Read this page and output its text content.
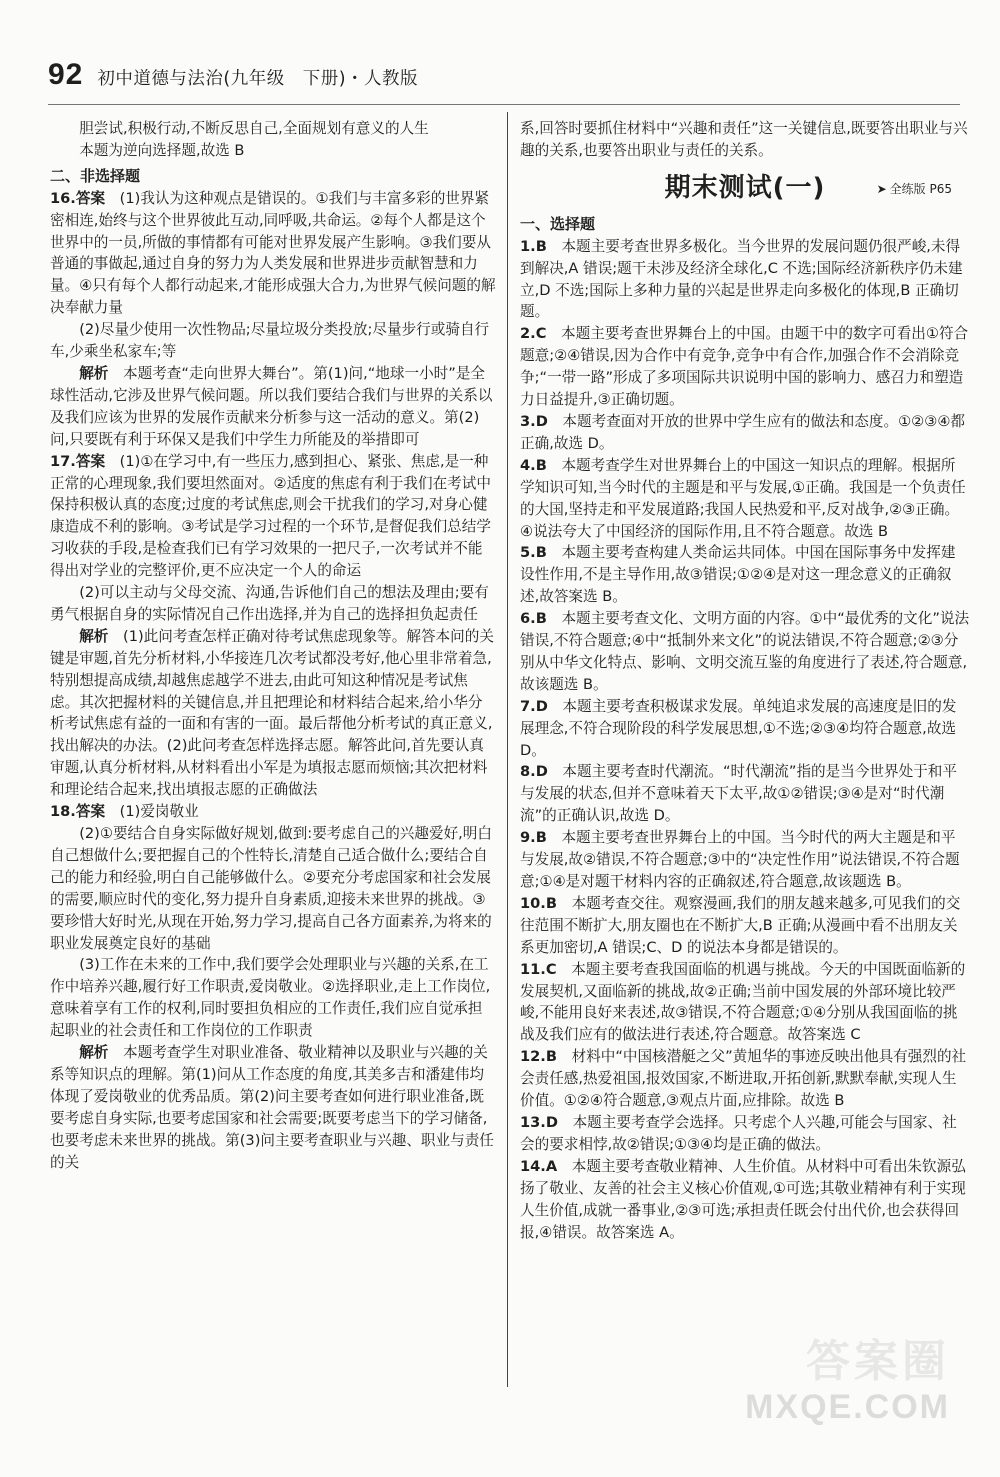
92 初中道德与法治(九年级　下册)・人教版

胆尝试,积极行动,不断反思自己,全面规划有意义的人生

本题为逆向选择题,故选 B

二、非选择题

16.答案　 (1)我认为这种观点是错误的。①我们与丰富多彩的世界紧密相连,始终与这个世界彼此互动,同呼吸,共命运。②每个人都是这个世界中的一员,所做的事情都有可能对世界发展产生影响。③我们要从普通的事做起,通过自身的努力为人类发展和世界进步贡献智慧和力量。④只有每个人都行动起来,才能形成强大合力,为世界气候问题的解决奉献力量

(2)尽量少使用一次性物品;尽量垃圾分类投放;尽量步行或骑自行车,少乘坐私家车;等

解析　 本题考查“走向世界大舞台”。第(1)问,“地球一小时”是全球性活动,它涉及世界气候问题。所以我们要结合我们与世界的关系以及我们应该为世界的发展作贡献来分析参与这一活动的意义。第(2)问,只要既有利于环保又是我们中学生力所能及的举措即可

17.答案　 (1)①在学习中,有一些压力,感到担心、紧张、焦虑,是一种正常的心理现象,我们要坦然面对。②适度的焦虑有利于我们在考试中保持积极认真的态度;过度的考试焦虑,则会干扰我们的学习,对身心健康造成不利的影响。③考试是学习过程的一个环节,是督促我们总结学习收获的手段,是检查我们已有学习效果的一把尺子,一次考试并不能得出对学业的完整评价,更不应决定一个人的命运

(2)可以主动与父母交流、沟通,告诉他们自己的想法及理由;要有勇气根据自身的实际情况自己作出选择,并为自己的选择担负起责任

解析　 (1)此问考查怎样正确对待考试焦虑现象等。解答本问的关键是审题,首先分析材料,小华接连几次考试都没考好,他心里非常着急,特别想提高成绩,却越焦虑越学不进去,由此可知这种情况是考试焦虑。其次把握材料的关键信息,并且把理论和材料结合起来,给小华分析考试焦虑有益的一面和有害的一面。最后帮他分析考试的真正意义,找出解决的办法。(2)此问考查怎样选择志愿。解答此问,首先要认真审题,认真分析材料,从材料看出小军是为填报志愿而烦恼;其次把材料和理论结合起来,找出填报志愿的正确做法

18.答案　 (1)爱岗敬业

(2)①要结合自身实际做好规划,做到:要考虑自己的兴趣爱好,明白自己想做什么;要把握自己的个性特长,清楚自己适合做什么;要结合自己的能力和经验,明白自己能够做什么。②要充分考虑国家和社会发展的需要,顺应时代的变化,努力提升自身素质,迎接未来世界的挑战。③要珍惜大好时光,从现在开始,努力学习,提高自己各方面素养,为将来的职业发展奠定良好的基础

(3)工作在未来的工作中,我们要学会处理职业与兴趣的关系,在工作中培养兴趣,履行好工作职责,爱岗敬业。②选择职业,走上工作岗位,意味着享有工作的权利,同时要担负相应的工作责任,我们应自觉承担起职业的社会责任和工作岗位的工作职责

解析　 本题考查学生对职业准备、敬业精神以及职业与兴趣的关系等知识点的理解。第(1)问从工作态度的角度,其美多吉和潘建伟均体现了爱岗敬业的优秀品质。第(2)问主要考查如何进行职业准备,既要考虑自身实际,也要考虑国家和社会需要;既要考虑当下的学习储备,也要考虑未来世界的挑战。第(3)问主要考查职业与兴趣、职业与责任的关

系,回答时要抓住材料中“兴趣和责任”这一关键信息,既要答出职业与兴趣的关系,也要答出职业与责任的关系。

期末测试(一)	➤ 全练版 P65

一、选择题

1.B　 本题主要考查世界多极化。当今世界的发展问题仍很严峻,未得到解决,A 错误;题干未涉及经济全球化,C 不选;国际经济新秩序仍未建立,D 不选;国际上多种力量的兴起是世界走向多极化的体现,B 正确切题。

2.C　 本题主要考查世界舞台上的中国。由题干中的数字可看出①符合题意;②④错误,因为合作中有竞争,竞争中有合作,加强合作不会消除竞争;“一带一路”形成了多项国际共识说明中国的影响力、感召力和塑造力日益提升,③正确切题。

3.D　 本题考查面对开放的世界中学生应有的做法和态度。①②③④都正确,故选 D。

4.B　 本题考查学生对世界舞台上的中国这一知识点的理解。根据所学知识可知,当今时代的主题是和平与发展,①正确。我国是一个负责任的大国,坚持走和平发展道路;我国人民热爱和平,反对战争,②③正确。④说法夸大了中国经济的国际作用,且不符合题意。故选 B

5.B　 本题主要考查构建人类命运共同体。中国在国际事务中发挥建设性作用,不是主导作用,故③错误;①②④是对这一理念意义的正确叙述,故答案选 B。

6.B　 本题主要考查文化、文明方面的内容。①中“最优秀的文化”说法错误,不符合题意;④中“抵制外来文化”的说法错误,不符合题意;②③分别从中华文化特点、影响、文明交流互鉴的角度进行了表述,符合题意,故该题选 B。

7.D　 本题主要考查积极谋求发展。单纯追求发展的高速度是旧的发展理念,不符合现阶段的科学发展思想,①不选;②③④均符合题意,故选 D。

8.D　 本题主要考查时代潮流。“时代潮流”指的是当今世界处于和平与发展的状态,但并不意味着天下太平,故①②错误;③④是对“时代潮流”的正确认识,故选 D。

9.B　 本题主要考查世界舞台上的中国。当今时代的两大主题是和平与发展,故②错误,不符合题意;③中的“决定性作用”说法错误,不符合题意;①④是对题干材料内容的正确叙述,符合题意,故该题选 B。

10.B　 本题考查交往。观察漫画,我们的朋友越来越多,可见我们的交往范围不断扩大,朋友圈也在不断扩大,B 正确;从漫画中看不出朋友关系更加密切,A 错误;C、D 的说法本身都是错误的。

11.C　 本题主要考查我国面临的机遇与挑战。今天的中国既面临新的发展契机,又面临新的挑战,故②正确;当前中国发展的外部环境比较严峻,不能用良好来表述,故③错误,不符合题意;①④分别从我国面临的挑战及我们应有的做法进行表述,符合题意。故答案选 C

12.B　 材料中“中国核潜艇之父”黄旭华的事迹反映出他具有强烈的社会责任感,热爱祖国,报效国家,不断进取,开拓创新,默默奉献,实现人生价值。①②④符合题意,③观点片面,应排除。故选 B

13.D　 本题主要考查学会选择。只考虑个人兴趣,可能会与国家、社会的要求相悖,故②错误;①③④均是正确的做法。

14.A　 本题主要考查敬业精神、人生价值。从材料中可看出朱钦源弘扬了敬业、友善的社会主义核心价值观,①可选;其敬业精神有利于实现人生价值,成就一番事业,②③可选;承担责任既会付出代价,也会获得回报,④错误。故答案选 A。

答案圈
MXQE.COM
